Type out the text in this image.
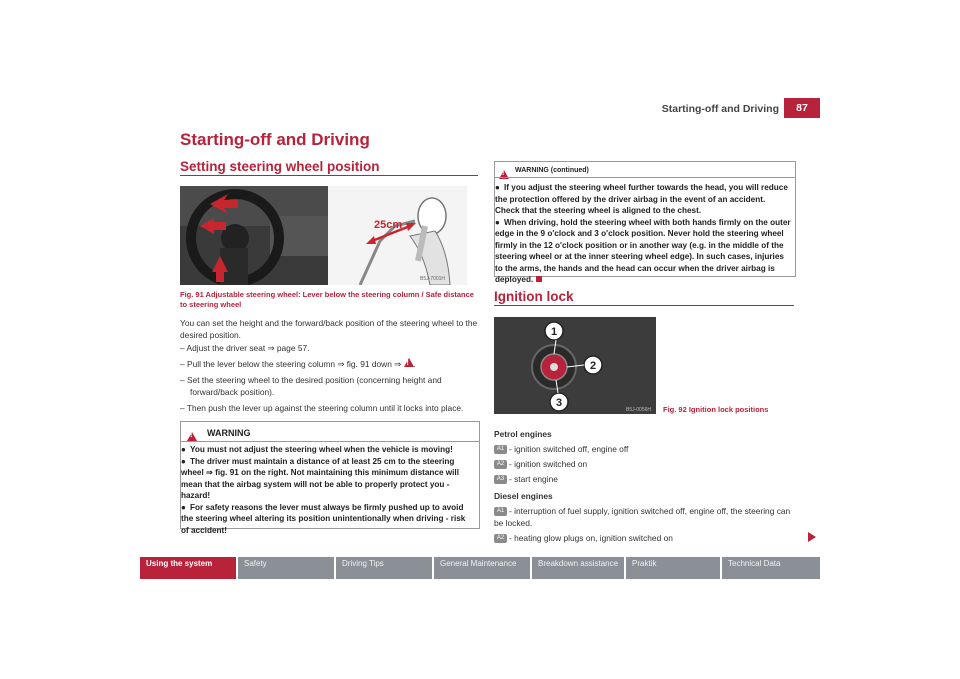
Starting-off and Driving	87
Starting-off and Driving
Setting steering wheel position
25cm
B5J-7001H
Fig. 91 Adjustable steering wheel: Lever below the steering column / Safe distance to steering wheel
You can set the height and the forward/back position of the steering wheel to the desired position.
– Adjust the driver seat ⇒ page 57.
– Pull the lever below the steering column ⇒ fig. 91 down ⇒ !.
– Set the steering wheel to the desired position (concerning height and forward/back position).
– Then push the lever up against the steering column until it locks into place.
!
WARNING
● You must not adjust the steering wheel when the vehicle is moving!
● The driver must maintain a distance of at least 25 cm to the steering wheel ⇒ fig. 91 on the right. Not maintaining this minimum distance will mean that the airbag system will not be able to properly protect you - hazard!
● For safety reasons the lever must always be firmly pushed up to avoid the steering wheel altering its position unintentionally when driving - risk of accident!
!
WARNING (continued)
● If you adjust the steering wheel further towards the head, you will reduce the protection offered by the driver airbag in the event of an accident. Check that the steering wheel is aligned to the chest.
● When driving, hold the steering wheel with both hands firmly on the outer edge in the 9 o'clock and 3 o'clock position. Never hold the steering wheel firmly in the 12 o'clock position or in another way (e.g. in the middle of the steering wheel or at the inner steering wheel edge). In such cases, injuries to the arms, the hands and the head can occur when the driver airbag is deployed.
Ignition lock
1
2
3
B5J-0056H Fig. 92 Ignition lock positions
Petrol engines
A1 - ignition switched off, engine off
A2 - ignition switched on
A3 - start engine
Diesel engines
A1 - interruption of fuel supply, ignition switched off, engine off, the steering can be locked.
A2 - heating glow plugs on, ignition switched on
Using the system	Safety	Driving Tips	General Maintenance	Breakdown assistance	Praktik	Technical Data
